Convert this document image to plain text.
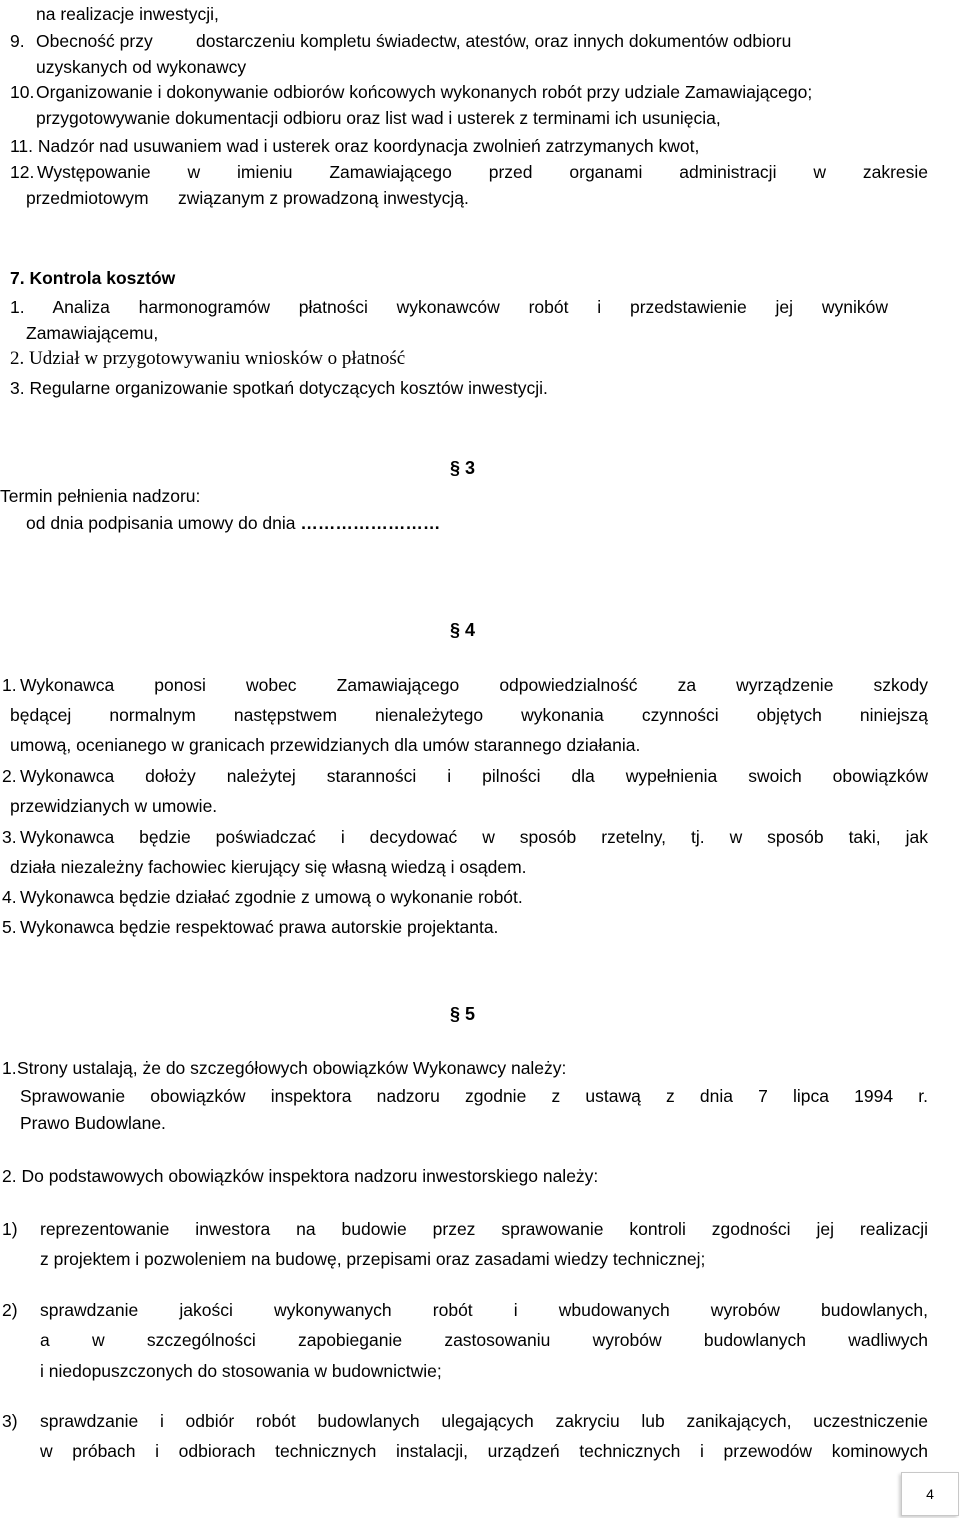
na realizacje inwestycji,

9. Obecność przy dostarczeniu kompletu świadectw, atestów, oraz innych dokumentów odbioru

uzyskanych od wykonawcy

10. Organizowanie i dokonywanie odbiorów końcowych wykonanych robót przy udziale Zamawiającego;

przygotowywanie dokumentacji odbioru oraz list wad i usterek z terminami ich usunięcia,

11. Nadzór nad usuwaniem wad i usterek oraz koordynacja zwolnień zatrzymanych kwot,

12. Występowanie w imieniu Zamawiającego przed organami administracji w zakresie

przedmiotowym związanym z prowadzoną inwestycją.

7. Kontrola kosztów

1. Analiza harmonogramów płatności wykonawców robót i przedstawienie jej wyników

Zamawiającemu,

2. Udział w przygotowywaniu wniosków o płatność

3. Regularne organizowanie spotkań dotyczących kosztów inwestycji.

§ 3

Termin pełnienia nadzoru:

od dnia podpisania umowy do dnia ……………………

§ 4

1. Wykonawca ponosi wobec Zamawiającego odpowiedzialność za wyrządzenie szkody

będącej normalnym następstwem nienależytego wykonania czynności objętych niniejszą

umową, ocenianego w granicach przewidzianych dla umów starannego działania.

2. Wykonawca dołoży należytej staranności i pilności dla wypełnienia swoich obowiązków

przewidzianych w umowie.

3. Wykonawca będzie poświadczać i decydować w sposób rzetelny, tj. w sposób taki, jak

działa niezależny fachowiec kierujący się własną wiedzą i osądem.

4. Wykonawca będzie działać zgodnie z umową o wykonanie robót.

5. Wykonawca będzie respektować prawa autorskie projektanta.

§ 5

1. Strony ustalają, że do szczegółowych obowiązków Wykonawcy należy:

Sprawowanie obowiązków inspektora nadzoru zgodnie z ustawą z dnia 7 lipca 1994 r.

Prawo Budowlane.

2. Do podstawowych obowiązków inspektora nadzoru inwestorskiego należy:

1) reprezentowanie inwestora na budowie przez sprawowanie kontroli zgodności jej realizacji

z projektem i pozwoleniem na budowę, przepisami oraz zasadami wiedzy technicznej;

2) sprawdzanie jakości wykonywanych robót i wbudowanych wyrobów budowlanych,

a w szczególności zapobieganie zastosowaniu wyrobów budowlanych wadliwych

i niedopuszczonych do stosowania w budownictwie;

3) sprawdzanie i odbiór robót budowlanych ulegających zakryciu lub zanikających, uczestniczenie

w próbach i odbiorach technicznych instalacji, urządzeń technicznych i przewodów kominowych

4
